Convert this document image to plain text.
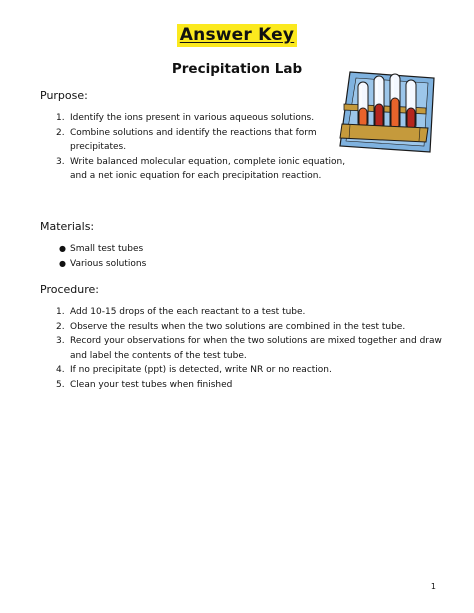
Answer Key
Precipitation Lab
Purpose:
1. Identify the ions present in various aqueous solutions.
2. Combine solutions and identify the reactions that form
precipitates.
3. Write balanced molecular equation, complete ionic equation,
and a net ionic equation for each precipitation reaction.
Materials:
● Small test tubes
● Various solutions
Procedure:
1. Add 10-15 drops of the each reactant to a test tube.
2. Observe the results when the two solutions are combined in the test tube.
3. Record your observations for when the two solutions are mixed together and draw
and label the contents of the test tube.
4. If no precipitate (ppt) is detected, write NR or no reaction.
5. Clean your test tubes when finished
1
